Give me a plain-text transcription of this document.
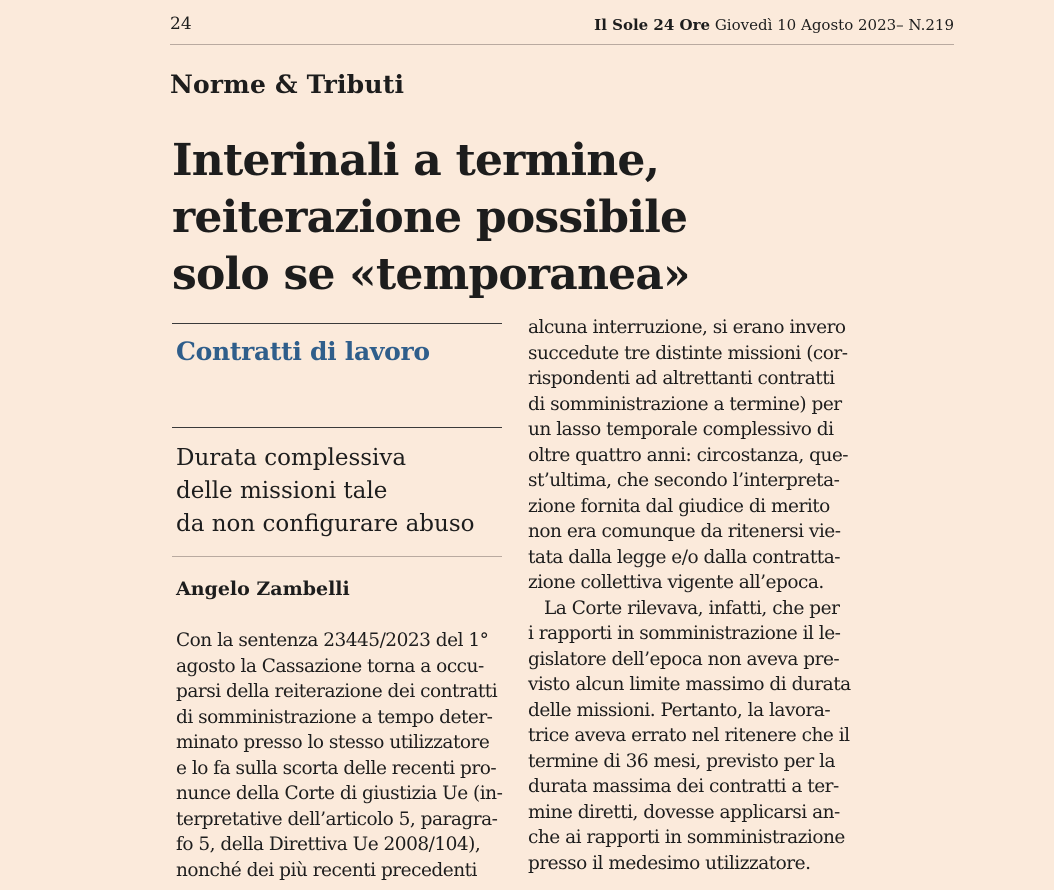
24	Il Sole 24 Ore Giovedì 10 Agosto 2023– N.219
Norme & Tributi
Interinali a termine,
reiterazione possibile
solo se «temporanea»
Contratti di lavoro
Durata complessiva
delle missioni tale
da non configurare abuso
Angelo Zambelli
Con la sentenza 23445/2023 del 1°
agosto la Cassazione torna a occu-
parsi della reiterazione dei contratti
di somministrazione a tempo deter-
minato presso lo stesso utilizzatore
e lo fa sulla scorta delle recenti pro-
nunce della Corte di giustizia Ue (in-
terpretative dell’articolo 5, paragra-
fo 5, della Direttiva Ue 2008/104),
nonché dei più recenti precedenti
alcuna interruzione, si erano invero
succedute tre distinte missioni (cor-
rispondenti ad altrettanti contratti
di somministrazione a termine) per
un lasso temporale complessivo di
oltre quattro anni: circostanza, que-
st’ultima, che secondo l’interpreta-
zione fornita dal giudice di merito
non era comunque da ritenersi vie-
tata dalla legge e/o dalla contratta-
zione collettiva vigente all’epoca.
La Corte rilevava, infatti, che per
i rapporti in somministrazione il le-
gislatore dell’epoca non aveva pre-
visto alcun limite massimo di durata
delle missioni. Pertanto, la lavora-
trice aveva errato nel ritenere che il
termine di 36 mesi, previsto per la
durata massima dei contratti a ter-
mine diretti, dovesse applicarsi an-
che ai rapporti in somministrazione
presso il medesimo utilizzatore.
